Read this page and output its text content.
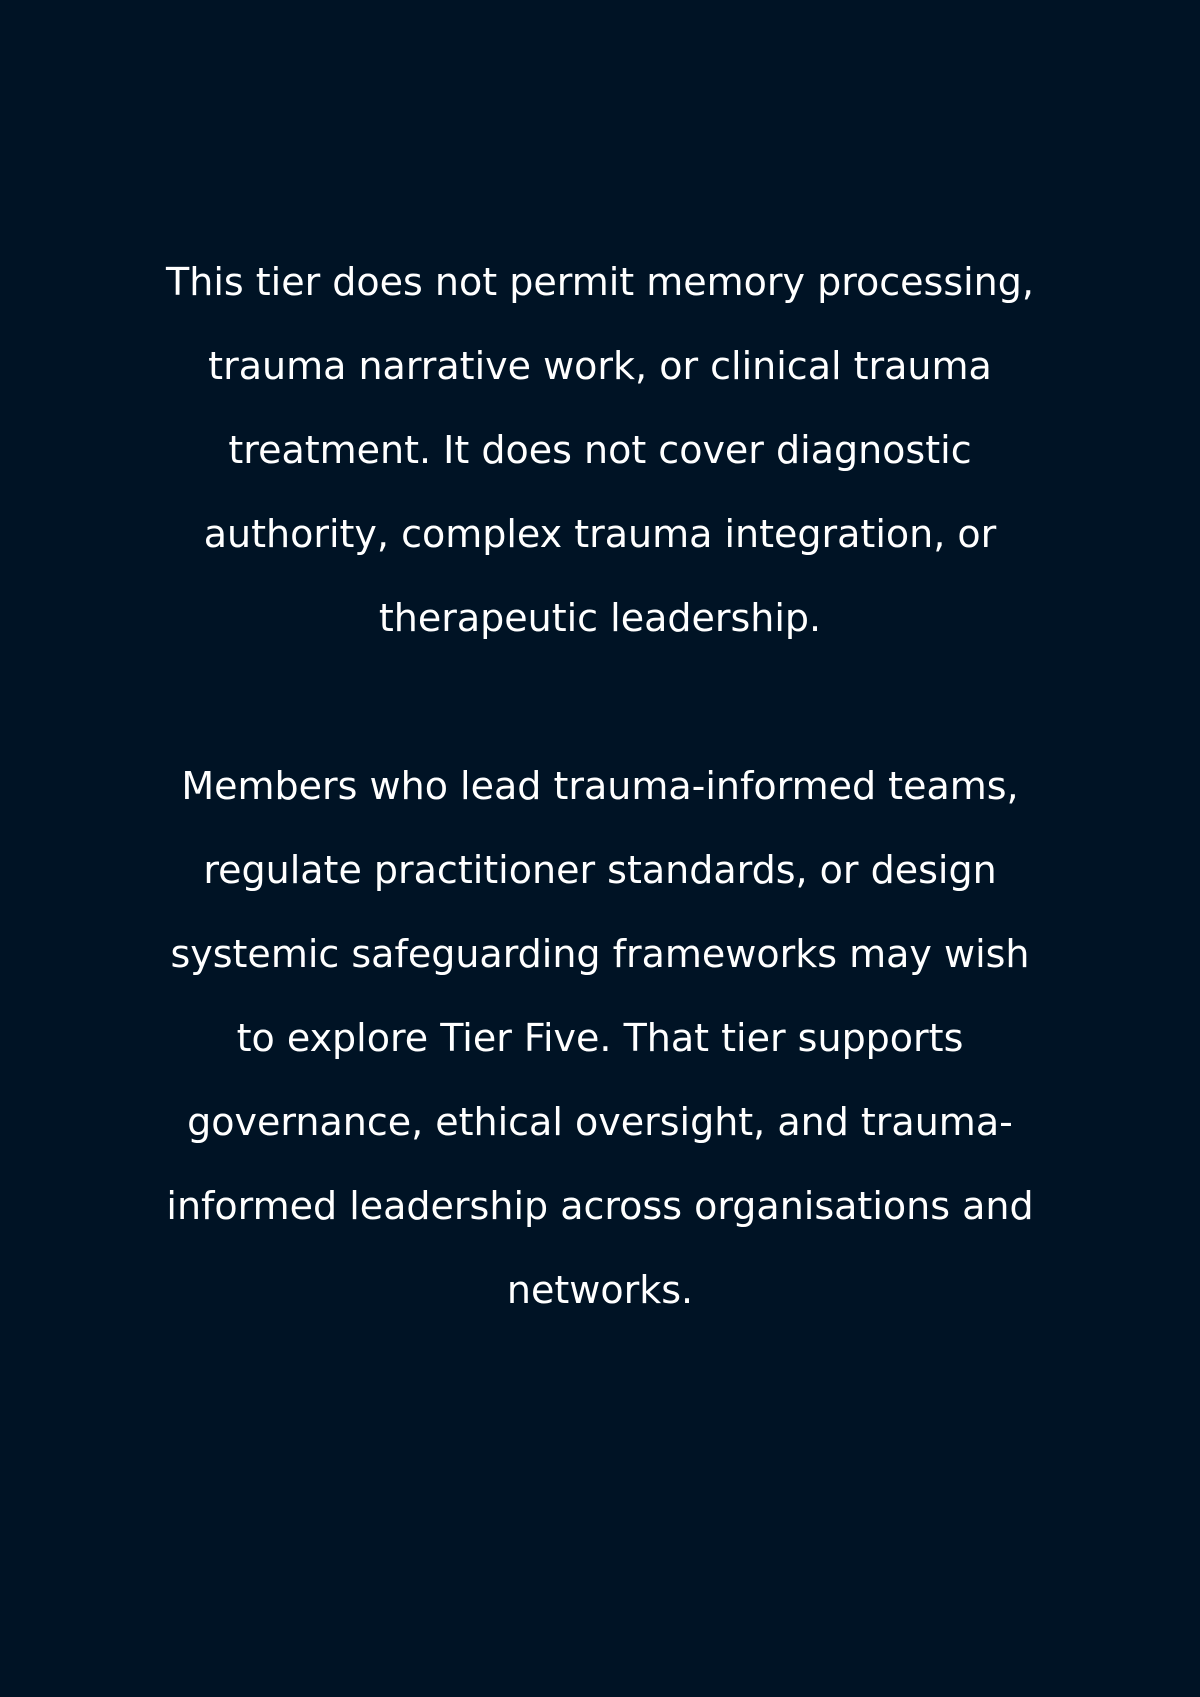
This tier does not permit memory processing, trauma narrative work, or clinical trauma treatment. It does not cover diagnostic authority, complex trauma integration, or therapeutic leadership.

Members who lead trauma-informed teams, regulate practitioner standards, or design systemic safeguarding frameworks may wish to explore Tier Five. That tier supports governance, ethical oversight, and trauma-informed leadership across organisations and networks.
